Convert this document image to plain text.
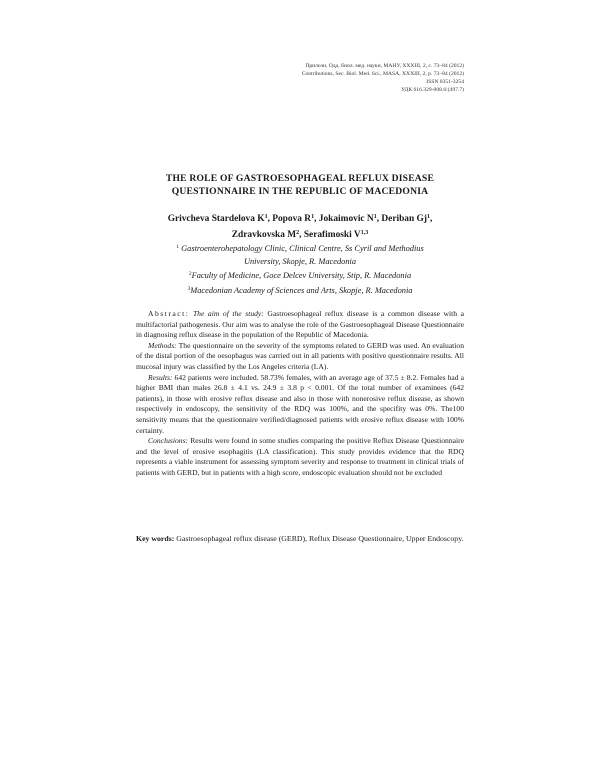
Прилози, Одд. биол. мед. науки, МАНУ, XXXIII, 2, с. 73–84 (2012)
Contributions, Sec. Biol. Med. Sci., MASA, XXXIII, 2, p. 73–84 (2012)
ISSN 0351-3254
УДК 616.329-008.6:(497.7)
THE ROLE OF GASTROESOPHAGEAL REFLUX DISEASE
QUESTIONNAIRE IN THE REPUBLIC OF MACEDONIA
Grivcheva Stardelova $K^1$, Popova $R^1$, Jokaimovic $N^1$, Deriban Gj$^1$,
Zdravkovska $M^2$, Serafimoski V$^{1,3}$
$^1$ Gastroenterohepatology Clinic, Clinical Centre, Ss Cyril and Methodius
University, Skopje, R. Macedonia
$^2$Faculty of Medicine, Goce Delcev University, Stip, R. Macedonia
$^3$Macedonian Academy of Sciences and Arts, Skopje, R. Macedonia

Abstract: The aim of the study: Gastroesophageal reflux disease is a common disease with a multifactorial pathogenesis. Our aim was to analyse the role of the Gastroesophageal Disease Questionnaire in diagnosing reflux disease in the population of the Republic of Macedonia.

Methods: The questionnaire on the severity of the symptoms related to GERD was used. An evaluation of the distal portion of the oesophagus was carried out in all patients with positive questionnaire results. All mucosal injury was classified by the Los Angeles criteria (LA).

Results: 642 patients were included. 58.73% females, with an average age of 37.5 ± 8.2. Females had a higher BMI than males 26.8 ± 4.1 vs. 24.9 ± 3.8 p < 0.001. Of the total number of examinees (642 patients), in those with erosive reflux disease and also in those with nonerosive reflux disease, as shown respectively in endoscopy, the sensitivity of the RDQ was 100%, and the specifity was 0%. The100 sensitivity means that the questionnaire verified/diagnosed patients with erosive reflux disease with 100% certainty.

Conclusions: Results were found in some studies comparing the positive Reflux Disease Questionnaire and the level of erosive esophagitis (LA classification). This study provides evidence that the RDQ represents a viable instrument for assessing symptom severity and response to treatment in clinical trials of patients with GERD, but in patients with a high score, endoscopic evaluation should not be excluded

Key words: Gastroesophageal reflux disease (GERD), Reflux Disease Questionnaire, Upper Endoscopy.
